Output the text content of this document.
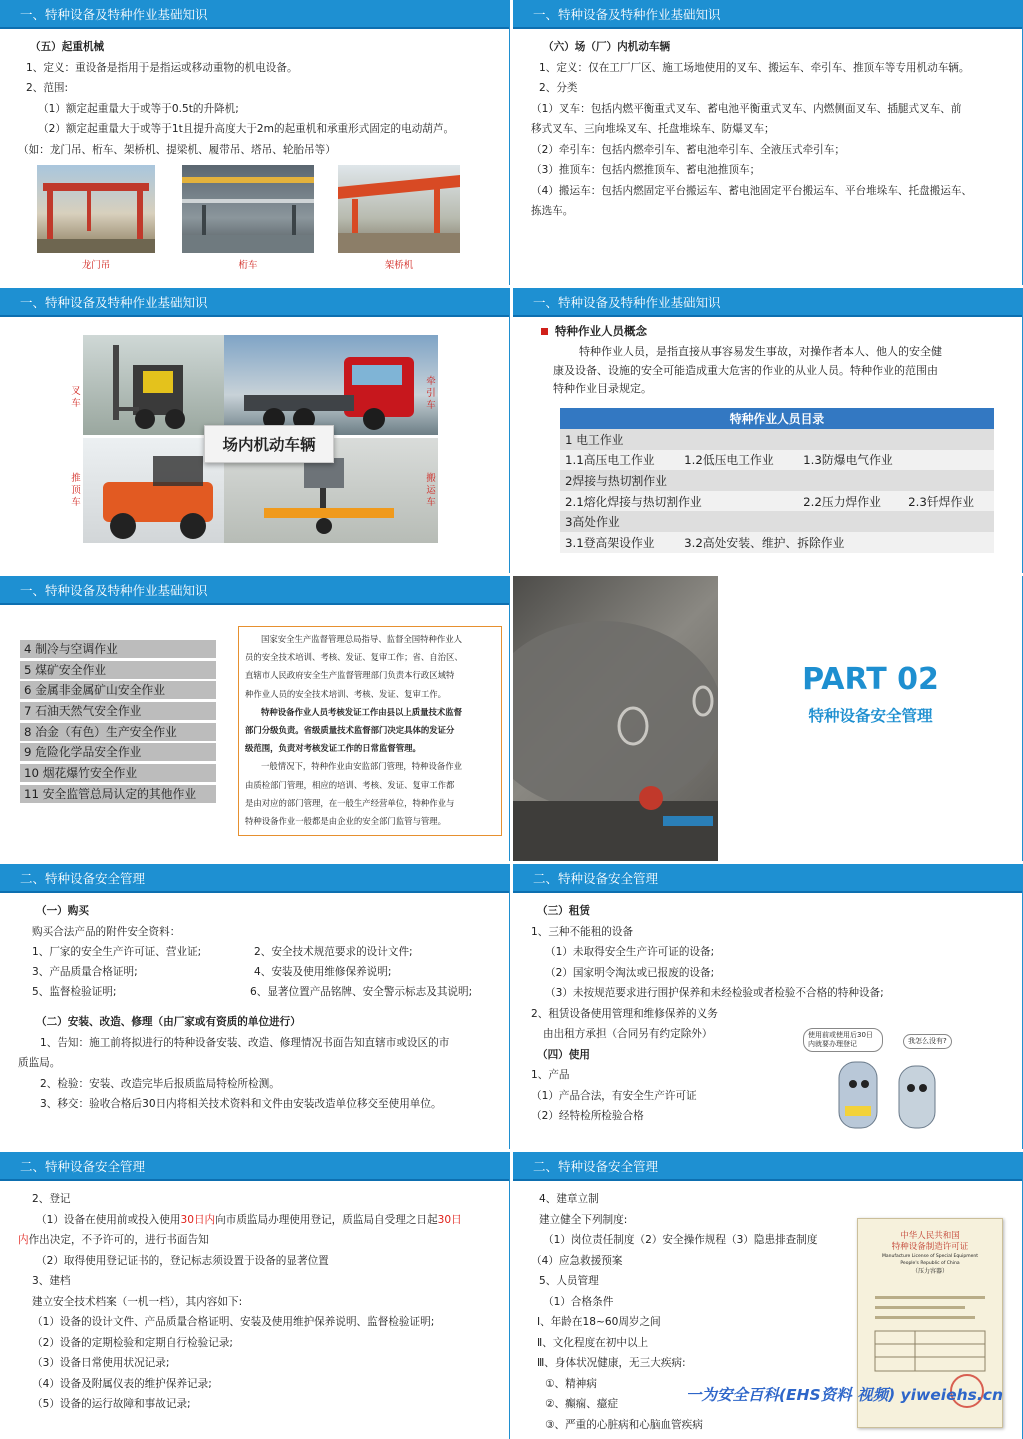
一、特种设备及特种作业基础知识

（五）起重机械

1、定义：重设备是指用于是指运或移动重物的机电设备。

2、范围:

（1）额定起重量大于或等于0.5t的升降机;

（2）额定起重量大于或等于1t且提升高度大于2m的起重机和承重形式固定的电动葫芦。

（如：龙门吊、桁车、架桥机、提梁机、履带吊、塔吊、轮胎吊等）

龙门吊	桁车	架桥机
一、特种设备及特种作业基础知识

（六）场（厂）内机动车辆

1、定义：仅在工厂厂区、施工场地使用的叉车、搬运车、牵引车、推顶车等专用机动车辆。

2、分类

（1）叉车：包括内燃平衡重式叉车、蓄电池平衡重式叉车、内燃侧面叉车、插腿式叉车、前

移式叉车、三向堆垛叉车、托盘堆垛车、防爆叉车；

（2）牵引车：包括内燃牵引车、蓄电池牵引车、全液压式牵引车；

（3）推顶车：包括内燃推顶车、蓄电池推顶车；

（4）搬运车：包括内燃固定平台搬运车、蓄电池固定平台搬运车、平台堆垛车、托盘搬运车、

拣选车。

一、特种设备及特种作业基础知识
场内机动车辆
叉车
牵引车
推顶车
搬运车
一、特种设备及特种作业基础知识
特种作业人员概念

特种作业人员，是指直接从事容易发生事故，对操作者本人、他人的安全健

康及设备、设施的安全可能造成重大危害的作业的从业人员。特种作业的范围由

特种作业目录规定。

特种作业人员目录			
1 电工作业			
1.1高压电工作业	1.2低压电工作业	1.3防爆电气作业	
2焊接与热切割作业			
2.1熔化焊接与热切割作业		2.2压力焊作业	2.3钎焊作业
3高处作业			
3.1登高架设作业	3.2高处安装、维护、拆除作业		
一、特种设备及特种作业基础知识
4 制冷与空调作业
5 煤矿安全作业
6 金属非金属矿山安全作业
7 石油天然气安全作业
8 冶金（有色）生产安全作业
9 危险化学品安全作业
10 烟花爆竹安全作业
11 安全监管总局认定的其他作业

国家安全生产监督管理总局指导、监督全国特种作业人

员的安全技术培训、考核、发证、复审工作；省、自治区、

直辖市人民政府安全生产监督管理部门负责本行政区域特

种作业人员的安全技术培训、考核、发证、复审工作。

特种设备作业人员考核发证工作由县以上质量技术监督

部门分级负责。省级质量技术监督部门决定具体的发证分

级范围，负责对考核发证工作的日常监督管理。

一般情况下，特种作业由安监部门管理，特种设备作业

由质检部门管理，相应的培训、考核、发证、复审工作都

是由对应的部门管理，在一般生产经营单位，特种作业与

特种设备作业一般都是由企业的安全部门监管与管理。

PART 02
特种设备安全管理
二、特种设备安全管理

（一）购买

购买合法产品的附件安全资料：

1、厂家的安全生产许可证、营业证;	2、安全技术规范要求的设计文件;
3、产品质量合格证明;	4、安装及使用维修保养说明;
5、监督检验证明;	6、显著位置产品铭牌、安全警示标志及其说明;

（二）安装、改造、修理（由厂家或有资质的单位进行）

1、告知：施工前将拟进行的特种设备安装、改造、修理情况书面告知直辖市或设区的市

质监局。

2、检验：安装、改造完毕后报质监局特检所检测。

3、移交：验收合格后30日内将相关技术资料和文件由安装改造单位移交至使用单位。

二、特种设备安全管理

（三）租赁

1、三种不能租的设备

（1）未取得安全生产许可证的设备;

（2）国家明令淘汰或已报废的设备;

（3）未按规范要求进行围护保养和未经检验或者检验不合格的特种设备;

2、租赁设备使用管理和维修保养的义务

由出租方承担（合同另有约定除外）

（四）使用

1、产品

（1）产品合法，有安全生产许可证

（2）经特检所检验合格

使用前或使用后30日内就要办理登记	我怎么没有?
二、特种设备安全管理

2、登记

（1）设备在使用前或投入使用30日内向市质监局办理使用登记，质监局自受理之日起30日

内作出决定，不予许可的，进行书面告知

（2）取得使用登记证书的，登记标志须设置于设备的显著位置

3、建档

建立安全技术档案（一机一档），其内容如下:

（1）设备的设计文件、产品质量合格证明、安装及使用维护保养说明、监督检验证明;

（2）设备的定期检验和定期自行检验记录;

（3）设备日常使用状况记录;

（4）设备及附属仪表的维护保养记录;

（5）设备的运行故障和事故记录;

二、特种设备安全管理

4、建章立制

建立健全下列制度:

（1）岗位责任制度（2）安全操作规程（3）隐患排查制度

（4）应急救援预案

5、人员管理

（1）合格条件

Ⅰ、年龄在18~60周岁之间

Ⅱ、文化程度在初中以上

Ⅲ、身体状况健康，无三大疾病:

①、精神病

②、癫痫、癔症

③、严重的心脏病和心脑血管疾病

中华人民共和国
特种设备制造许可证
Manufacture License of Special Equipment
People's Republic of China
（压力容器）
一为安全百科(EHS资料 视频) yiweiehs.cn
